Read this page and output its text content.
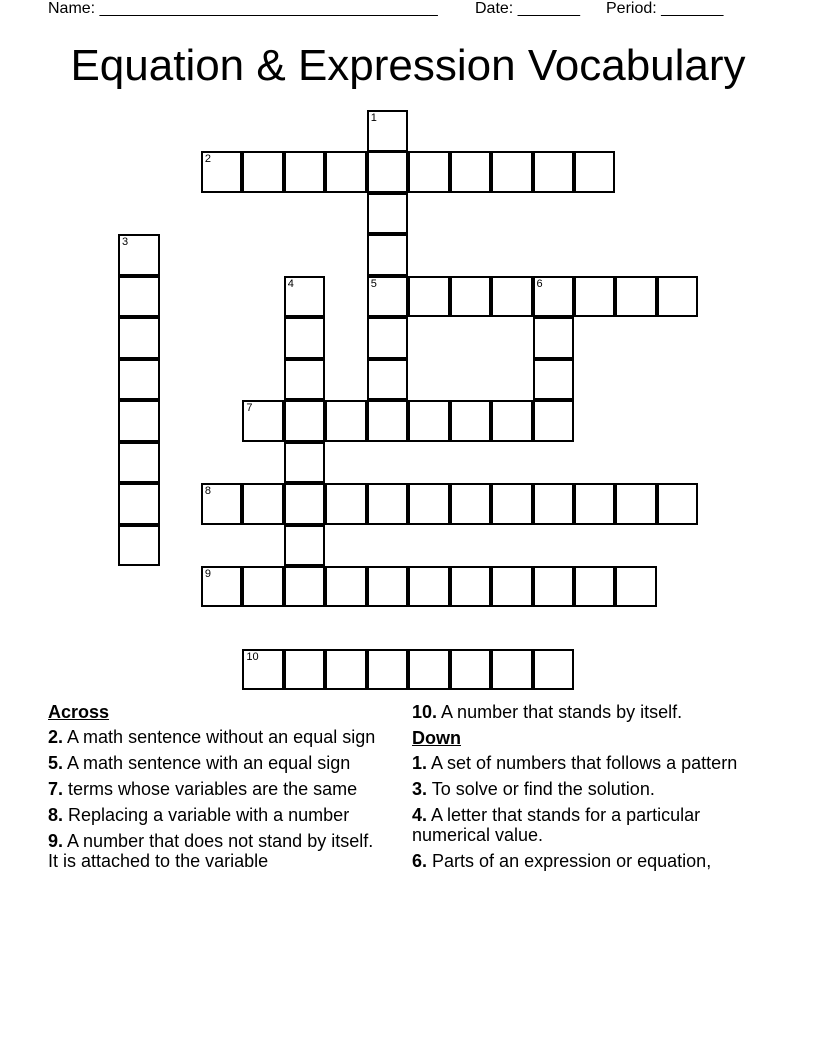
Name: ______________________________________

Date: _______

Period: _______

Equation & Expression Vocabulary
1
5
2
3
4	6
7
8
9
10
Across
2. A math sentence without an equal sign
5. A math sentence with an equal sign
7. terms whose variables are the same
8. Replacing a variable with a number
9. A number that does not stand by itself. It is attached to the variable
10. A number that stands by itself.
Down
1. A set of numbers that follows a pattern
3. To solve or find the solution.
4. A letter that stands for a particular numerical value.
6. Parts of an expression or equation,
